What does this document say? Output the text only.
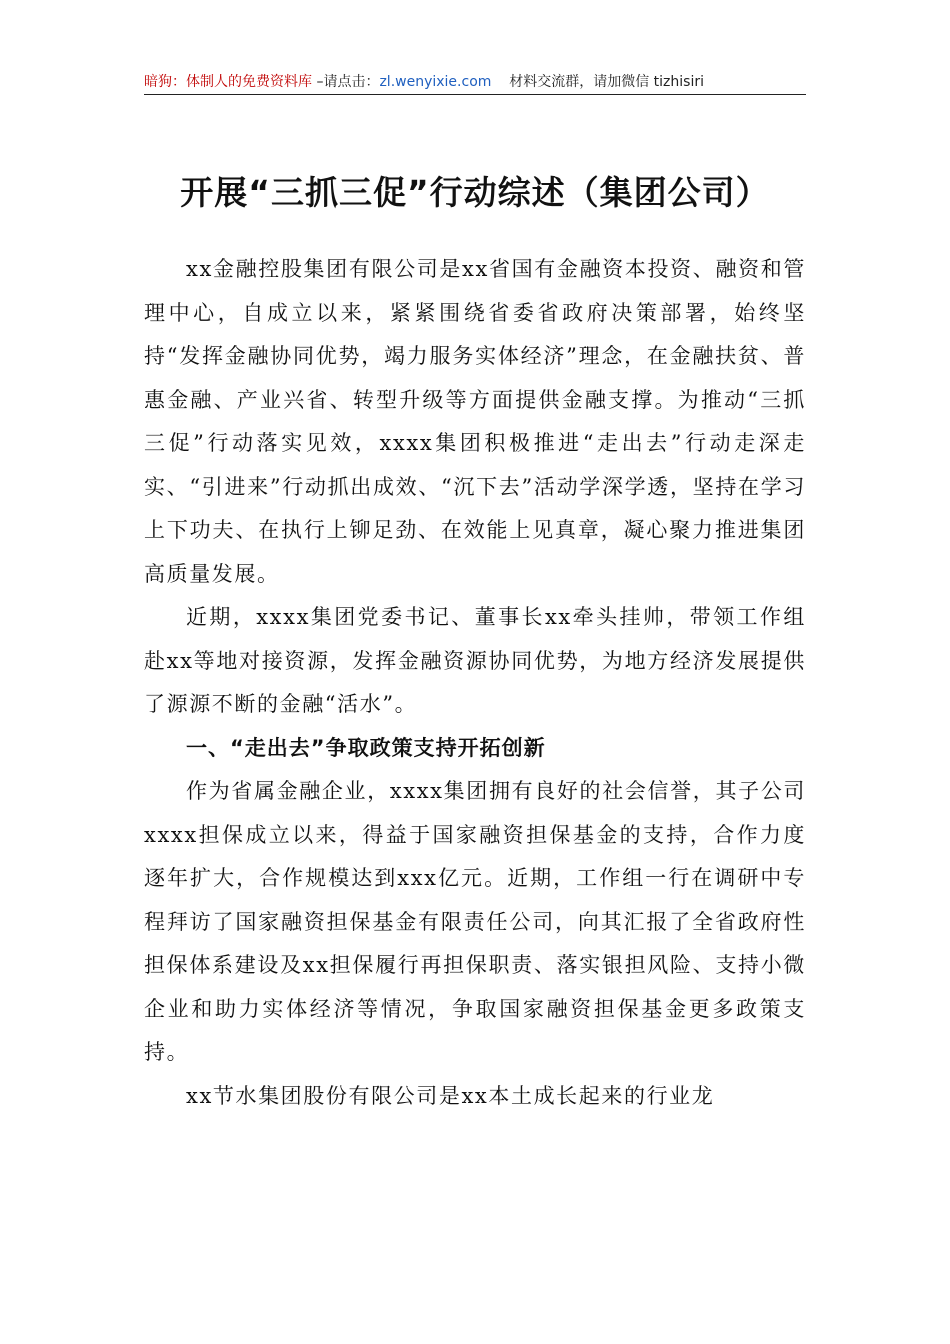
暗狗：体制人的免费资料库 –请点击：zl.wenyixie.com 材料交流群，请加微信 tizhisiri
开展“三抓三促”行动综述（集团公司）

xx金融控股集团有限公司是xx省国有金融资本投资、融资和管理中心，自成立以来，紧紧围绕省委省政府决策部署，始终坚持“发挥金融协同优势，竭力服务实体经济”理念，在金融扶贫、普惠金融、产业兴省、转型升级等方面提供金融支撑。为推动“三抓三促”行动落实见效，xxxx集团积极推进“走出去”行动走深走实、“引进来”行动抓出成效、“沉下去”活动学深学透，坚持在学习上下功夫、在执行上铆足劲、在效能上见真章，凝心聚力推进集团高质量发展。

近期，xxxx集团党委书记、董事长xx牵头挂帅，带领工作组赴xx等地对接资源，发挥金融资源协同优势，为地方经济发展提供了源源不断的金融“活水”。

一、“走出去”争取政策支持开拓创新

作为省属金融企业，xxxx集团拥有良好的社会信誉，其子公司xxxx担保成立以来，得益于国家融资担保基金的支持，合作力度逐年扩大，合作规模达到xxx亿元。近期，工作组一行在调研中专程拜访了国家融资担保基金有限责任公司，向其汇报了全省政府性担保体系建设及xx担保履行再担保职责、落实银担风险、支持小微企业和助力实体经济等情况，争取国家融资担保基金更多政策支持。

xx节水集团股份有限公司是xx本土成长起来的行业龙
